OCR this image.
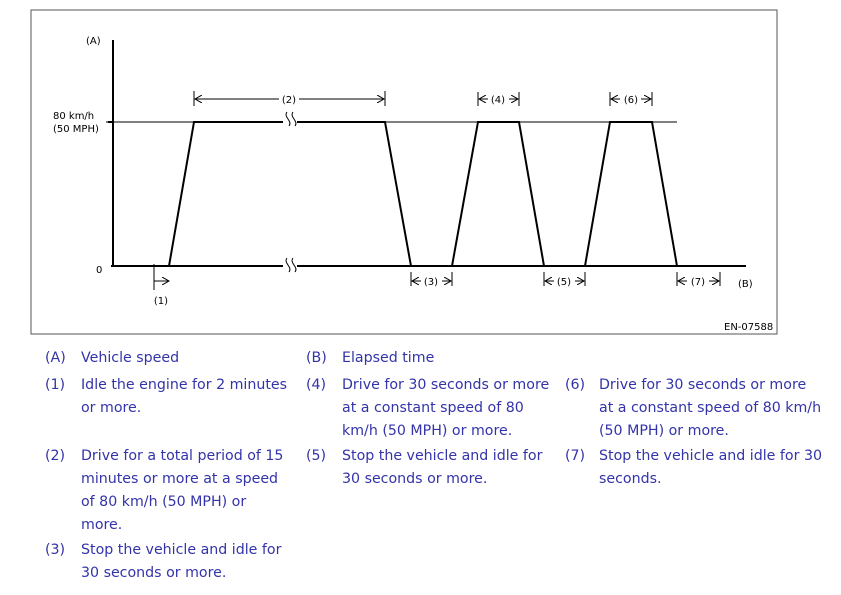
(A)
(B)
80 km/h
(50 MPH)
0
EN-07588
(1)
(2)
(3)
(4)
(5)
(6)
(7)
(A) Vehicle speed	(B) Elapsed time
(1) Idle the engine for 2 minutes
or more.
(2) Drive for a total period of 15
minutes or more at a speed
of 80 km/h (50 MPH) or
more.
(3) Stop the vehicle and idle for
30 seconds or more.
(4) Drive for 30 seconds or more
at a constant speed of 80
km/h (50 MPH) or more.
(5) Stop the vehicle and idle for
30 seconds or more.
(6) Drive for 30 seconds or more
at a constant speed of 80 km/h
(50 MPH) or more.
(7) Stop the vehicle and idle for 30
seconds.
